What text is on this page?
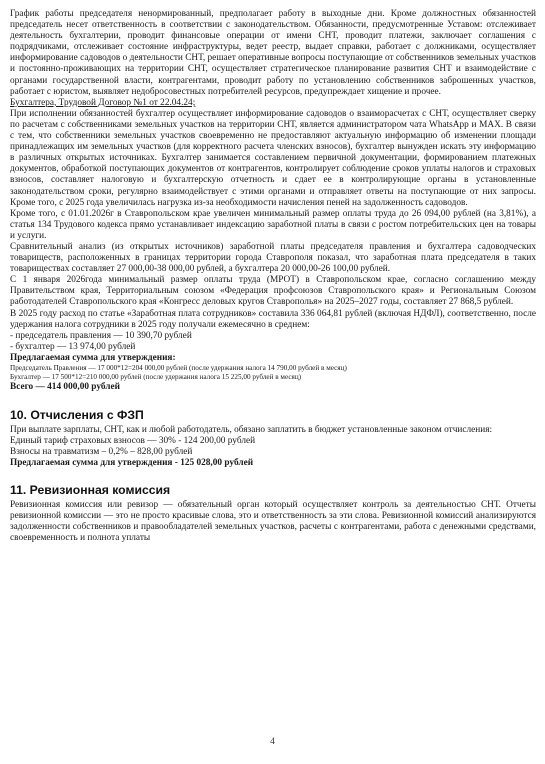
График работы председателя ненормированный, предполагает работу в выходные дни. Кроме должностных обязанностей председатель несет ответственность в соответствии с законодательством. Обязанности, предусмотренные Уставом: отслеживает деятельность бухгалтерии, проводит финансовые операции от имени СНТ, проводит платежи, заключает соглашения с подрядчиками, отслеживает состояние инфраструктуры, ведет реестр, выдает справки, работает с должниками, осуществляет информирование садоводов о деятельности СНТ, решает оперативные вопросы поступающие от собственников земельных участков и постоянно-проживающих на территории СНТ, осуществляет стратегическое планирование развития СНТ и взаимодействие с органами государственной власти, контрагентами, проводит работу по установлению собственников заброшенных участков, работает с юристом, выявляет недобросовестных потребителей ресурсов, предупреждает хищение и прочее.

Бухгалтера, Трудовой Договор №1 от 22.04.24;

При исполнении обязанностей бухгалтер осуществляет информирование садоводов о взаиморасчетах с СНТ, осуществляет сверку по расчетам с собственниками земельных участков на территории СНТ, является администратором чата WhatsApp и MAX. В связи с тем, что собственники земельных участков своевременно не предоставляют актуальную информацию об изменении площади принадлежащих им земельных участков (для корректного расчета членских взносов), бухгалтер вынужден искать эту информацию в различных открытых источниках. Бухгалтер занимается составлением первичной документации, формированием платежных документов, обработкой поступающих документов от контрагентов, контролирует соблюдение сроков уплаты налогов и страховых взносов, составляет налоговую и бухгалтерскую отчетность и сдает ее в контролирующие органы в установленные законодательством сроки, регулярно взаимодействует с этими органами и отправляет ответы на поступающие от них запросы. Кроме того, с 2025 года увеличилась нагрузка из-за необходимости начисления пеней на задолженность садоводов.

Кроме того, с 01.01.2026г в Ставропольском крае увеличен минимальный размер оплаты труда до 26 094,00 рублей (на 3,81%), а статья 134 Трудового кодекса прямо устанавливает индексацию заработной платы в связи с ростом потребительских цен на товары и услуги.

Сравнительный анализ (из открытых источников) заработной платы председателя правления и бухгалтера садоводческих товариществ, расположенных в границах территории города Ставрополя показал, что заработная плата председателя в таких товариществах составляет 27 000,00-38 000,00 рублей, а бухгалтера 20 000,00-26 100,00 рублей.

С 1 января 2026года минимальный размер оплаты труда (МРОТ) в Ставропольском крае, согласно соглашению между Правительством края, Территориальным союзом «Федерация профсоюзов Ставропольского края» и Региональным Союзом работодателей Ставропольского края «Конгресс деловых кругов Ставрополья» на 2025–2027 годы, составляет 27 868,5 рублей.

В 2025 году расход по статье «Заработная плата сотрудников» составила 336 064,81 рублей (включая НДФЛ), соответственно, после удержания налога сотрудники в 2025 году получали ежемесячно в среднем:

- председатель правления — 10 390,70 рублей

- бухгалтер — 13 974,00 рублей

Предлагаемая сумма для утверждения:

Председатель Правления — 17 000*12=204 000,00 рублей (после удержания налога 14 790,00 рублей в месяц)

Бухгалтер — 17 500*12=210 000,00 рублей (после удержания налога 15 225,00 рублей в месяц)

Всего — 414 000,00 рублей

10. Отчисления с ФЗП

При выплате зарплаты, СНТ, как и любой работодатель, обязано заплатить в бюджет установленные законом отчисления:

Единый тариф страховых взносов — 30% - 124 200,00 рублей

Взносы на травматизм – 0,2% – 828,00 рублей

Предлагаемая сумма для утверждения - 125 028,00 рублей

11. Ревизионная комиссия

Ревизионная комиссия или ревизор — обязательный орган который осуществляет контроль за деятельностью СНТ. Отчеты ревизионной комиссии — это не просто красивые слова, это и ответственность за эти слова. Ревизионной комиссий анализируются задолженности собственников и правообладателей земельных участков, расчеты с контрагентами, работа с денежными средствами, своевременность и полнота уплаты

4
